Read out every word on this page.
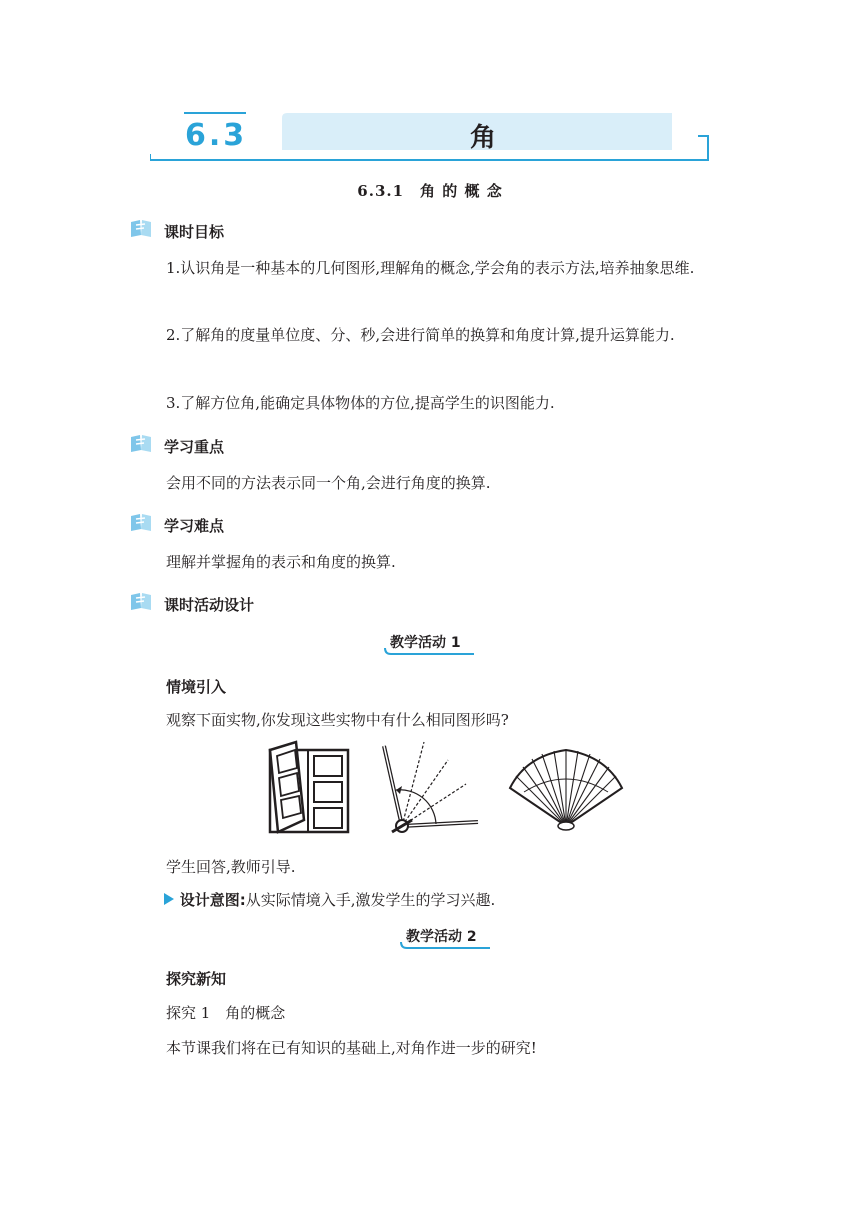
6.3	角
6.3.1　角 的 概 念
课时目标
1.认识角是一种基本的几何图形,理解角的概念,学会角的表示方法,培养抽象思维.
2.了解角的度量单位度、分、秒,会进行简单的换算和角度计算,提升运算能力.
3.了解方位角,能确定具体物体的方位,提高学生的识图能力.
学习重点
会用不同的方法表示同一个角,会进行角度的换算.
学习难点
理解并掌握角的表示和角度的换算.
课时活动设计
教学活动 1
情境引入
观察下面实物,你发现这些实物中有什么相同图形吗?
学生回答,教师引导.
设计意图:从实际情境入手,激发学生的学习兴趣.
教学活动 2
探究新知
探究 1　角的概念
本节课我们将在已有知识的基础上,对角作进一步的研究!
